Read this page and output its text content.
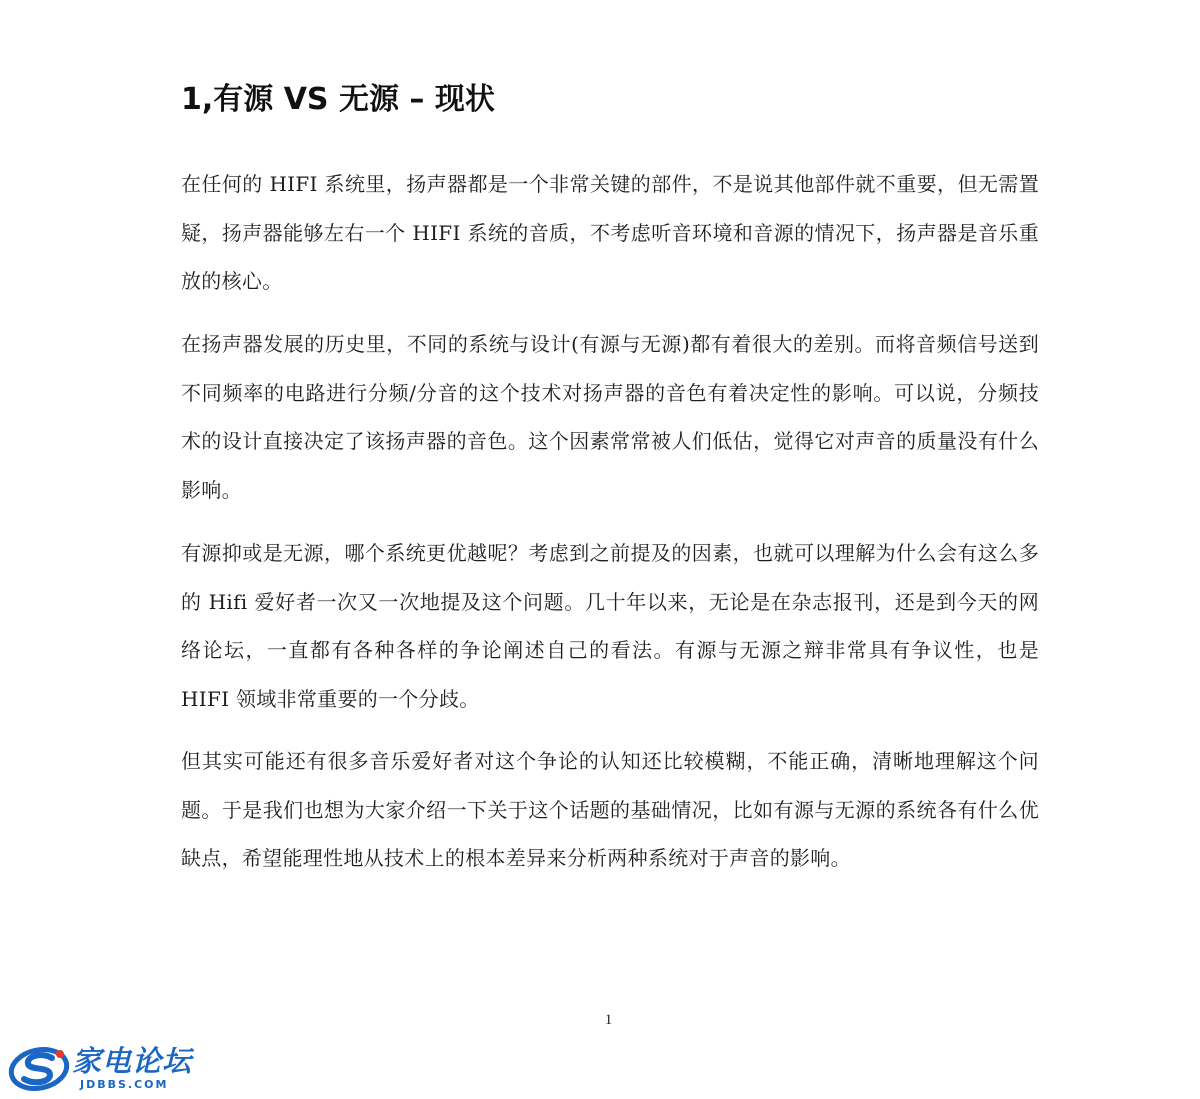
1,有源 VS 无源 – 现状

在任何的 HIFI 系统里，扬声器都是一个非常关键的部件，不是说其他部件就不重要，但无需置疑，扬声器能够左右一个 HIFI 系统的音质，不考虑听音环境和音源的情况下，扬声器是音乐重放的核心。

在扬声器发展的历史里，不同的系统与设计(有源与无源)都有着很大的差别。而将音频信号送到不同频率的电路进行分频/分音的这个技术对扬声器的音色有着决定性的影响。可以说，分频技术的设计直接决定了该扬声器的音色。这个因素常常被人们低估，觉得它对声音的质量没有什么影响。

有源抑或是无源，哪个系统更优越呢？考虑到之前提及的因素，也就可以理解为什么会有这么多的 Hifi 爱好者一次又一次地提及这个问题。几十年以来，无论是在杂志报刊，还是到今天的网络论坛，一直都有各种各样的争论阐述自己的看法。有源与无源之辩非常具有争议性，也是 HIFI 领域非常重要的一个分歧。

但其实可能还有很多音乐爱好者对这个争论的认知还比较模糊，不能正确，清晰地理解这个问题。于是我们也想为大家介绍一下关于这个话题的基础情况，比如有源与无源的系统各有什么优缺点，希望能理性地从技术上的根本差异来分析两种系统对于声音的影响。

1
家电论坛
JDBBS.COM
